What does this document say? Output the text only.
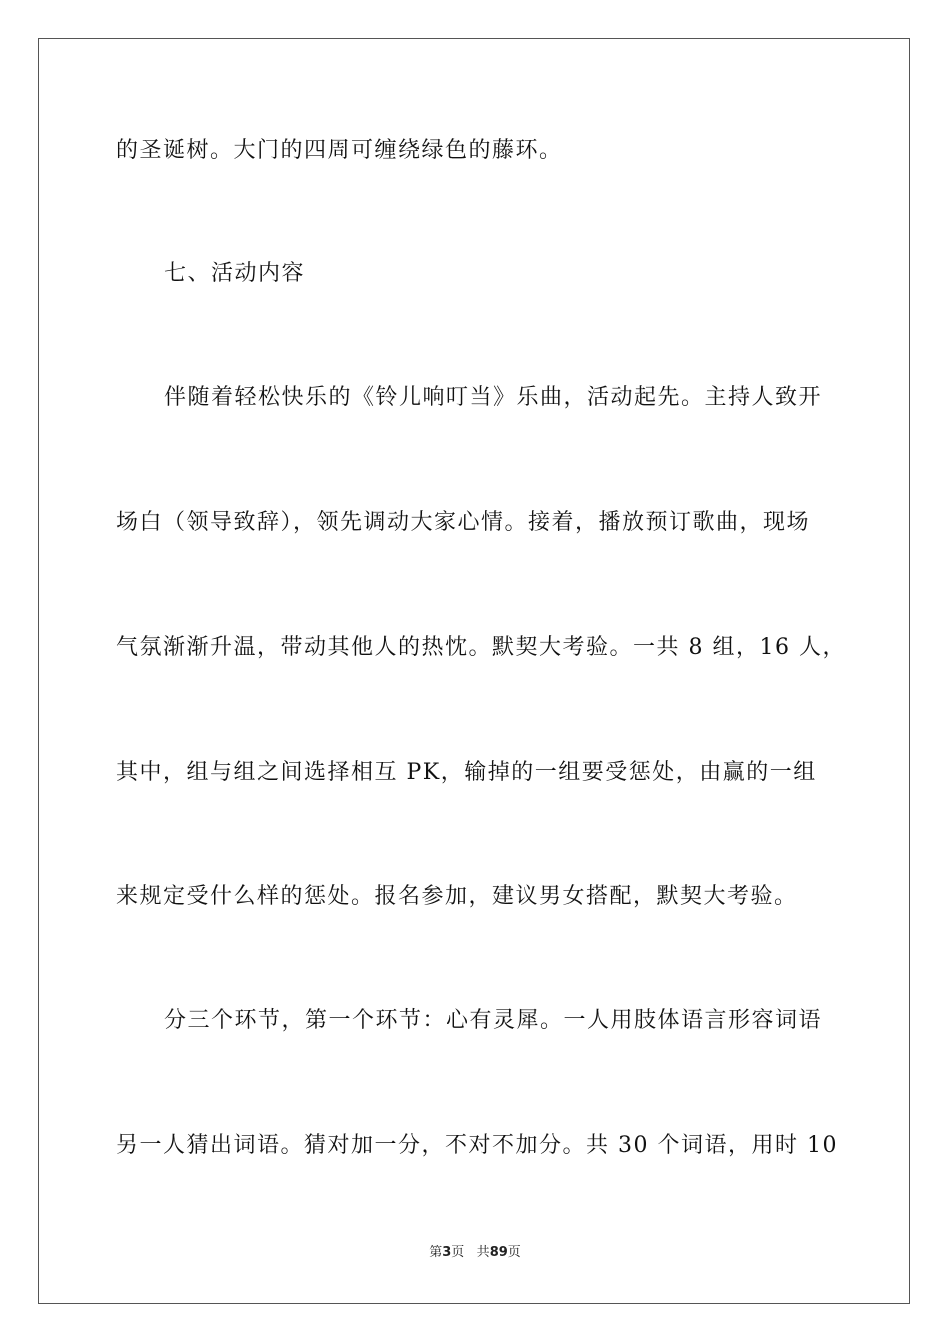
的圣诞树。大门的四周可缠绕绿色的藤环。
七、活动内容
伴随着轻松快乐的《铃儿响叮当》乐曲，活动起先。主持人致开
场白（领导致辞），领先调动大家心情。接着，播放预订歌曲，现场
气氛渐渐升温，带动其他人的热忱。默契大考验。一共 8 组，16 人，
其中，组与组之间选择相互 PK，输掉的一组要受惩处，由赢的一组
来规定受什么样的惩处。报名参加，建议男女搭配，默契大考验。
分三个环节，第一个环节：心有灵犀。一人用肢体语言形容词语
另一人猜出词语。猜对加一分，不对不加分。共 30 个词语，用时 10
第3页 共89页
